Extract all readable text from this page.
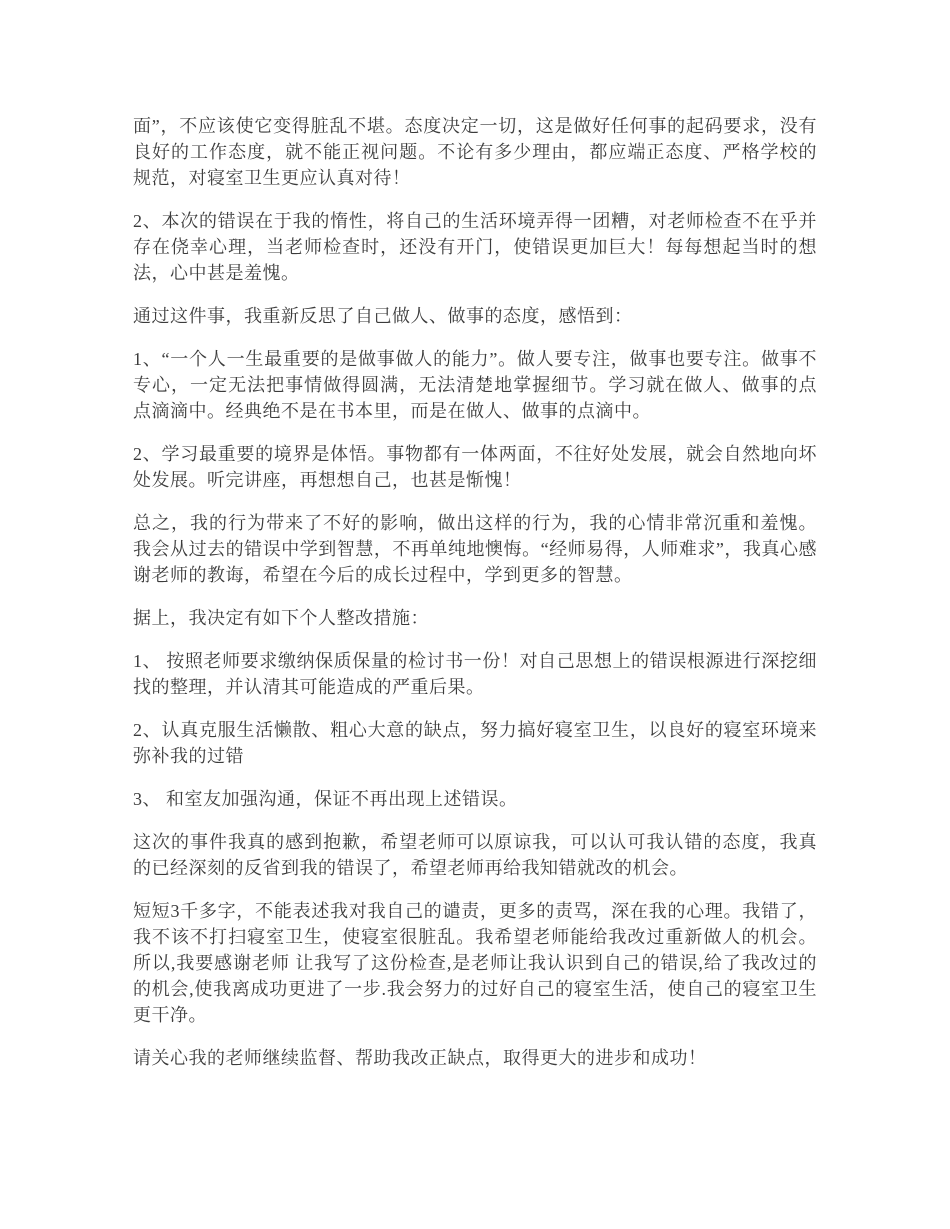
面”，不应该使它变得脏乱不堪。态度决定一切，这是做好任何事的起码要求，没有良好的工作态度，就不能正视问题。不论有多少理由，都应端正态度、严格学校的规范，对寝室卫生更应认真对待！

2、本次的错误在于我的惰性，将自己的生活环境弄得一团糟，对老师检查不在乎并存在侥幸心理，当老师检查时，还没有开门，使错误更加巨大！每每想起当时的想法，心中甚是羞愧。

通过这件事，我重新反思了自己做人、做事的态度，感悟到：

1、“一个人一生最重要的是做事做人的能力”。做人要专注，做事也要专注。做事不专心，一定无法把事情做得圆满，无法清楚地掌握细节。学习就在做人、做事的点点滴滴中。经典绝不是在书本里，而是在做人、做事的点滴中。

2、学习最重要的境界是体悟。事物都有一体两面，不往好处发展，就会自然地向坏处发展。听完讲座，再想想自己，也甚是惭愧！

总之，我的行为带来了不好的影响，做出这样的行为，我的心情非常沉重和羞愧。我会从过去的错误中学到智慧，不再单纯地懊悔。“经师易得，人师难求”，我真心感谢老师的教诲，希望在今后的成长过程中，学到更多的智慧。

据上，我决定有如下个人整改措施：

1、 按照老师要求缴纳保质保量的检讨书一份！对自己思想上的错误根源进行深挖细找的整理，并认清其可能造成的严重后果。

2、认真克服生活懒散、粗心大意的缺点，努力搞好寝室卫生，以良好的寝室环境来弥补我的过错

3、 和室友加强沟通，保证不再出现上述错误。

这次的事件我真的感到抱歉，希望老师可以原谅我，可以认可我认错的态度，我真的已经深刻的反省到我的错误了，希望老师再给我知错就改的机会。

短短3千多字，不能表述我对我自己的谴责，更多的责骂，深在我的心理。我错了，我不该不打扫寝室卫生，使寝室很脏乱。我希望老师能给我改过重新做人的机会。 所以,我要感谢老师 让我写了这份检查,是老师让我认识到自己的错误,给了我改过的的机会,使我离成功更进了一步.我会努力的过好自己的寝室生活，使自己的寝室卫生更干净。

请关心我的老师继续监督、帮助我改正缺点，取得更大的进步和成功！
